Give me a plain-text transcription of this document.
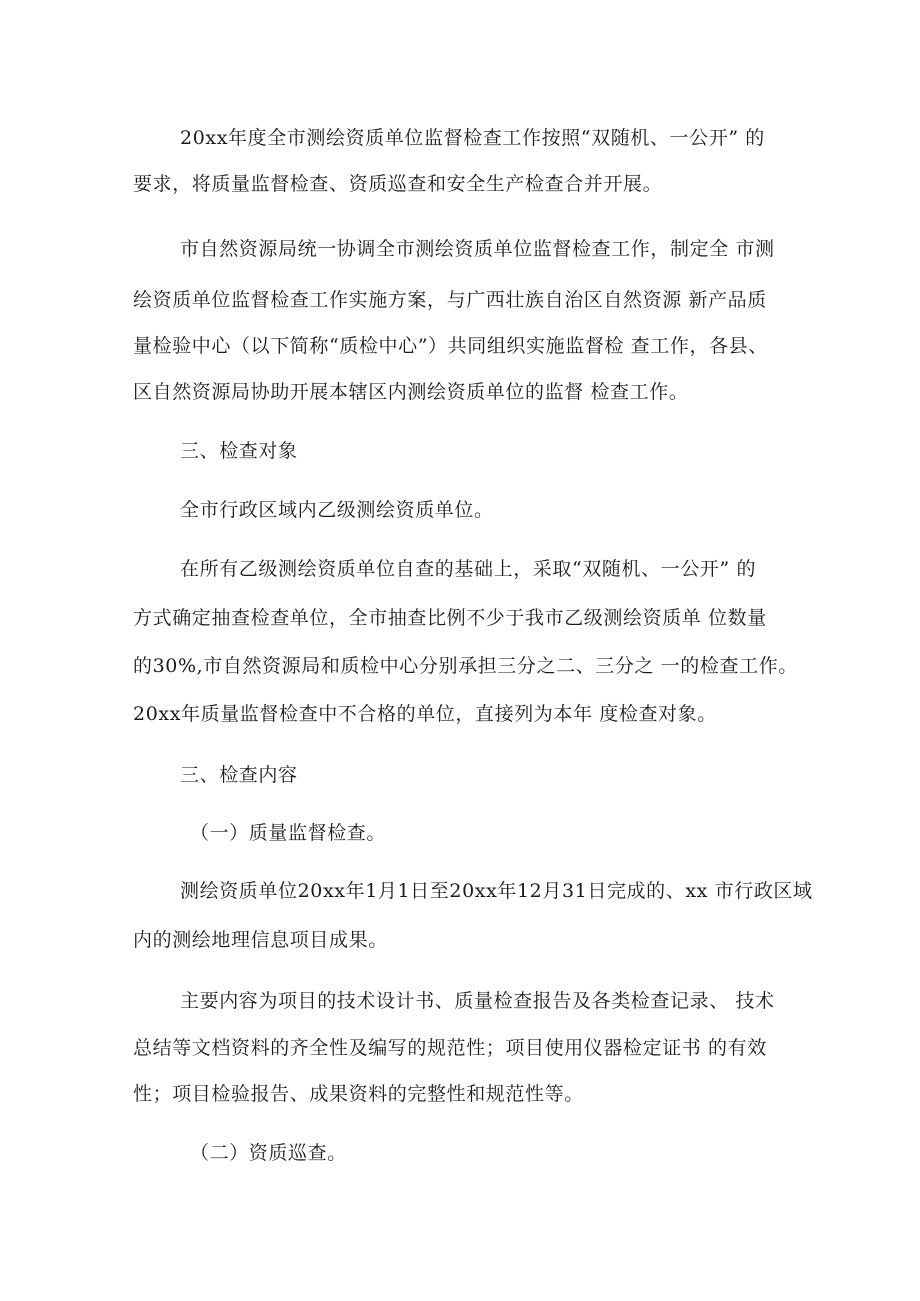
20xx年度全市测绘资质单位监督检查工作按照“双随机、一公开” 的
要求，将质量监督检查、资质巡查和安全生产检查合并开展。
市自然资源局统一协调全市测绘资质单位监督检查工作，制定全 市测
绘资质单位监督检查工作实施方案，与广西壮族自治区自然资源 新产品质
量检验中心（以下简称“质检中心”）共同组织实施监督检 查工作，各县、
区自然资源局协助开展本辖区内测绘资质单位的监督 检查工作。
三、检查对象
全市行政区域内乙级测绘资质单位。
在所有乙级测绘资质单位自查的基础上，采取“双随机、一公开” 的
方式确定抽查检查单位，全市抽查比例不少于我市乙级测绘资质单 位数量
的30%,市自然资源局和质检中心分别承担三分之二、三分之 一的检查工作。
20xx年质量监督检查中不合格的单位，直接列为本年 度检查对象。
三、检查内容
（一）质量监督检查。
测绘资质单位20xx年1月1日至20xx年12月31日完成的、xx 市行政区域
内的测绘地理信息项目成果。
主要内容为项目的技术设计书、质量检查报告及各类检查记录、 技术
总结等文档资料的齐全性及编写的规范性；项目使用仪器检定证书 的有效
性；项目检验报告、成果资料的完整性和规范性等。
（二）资质巡查。
